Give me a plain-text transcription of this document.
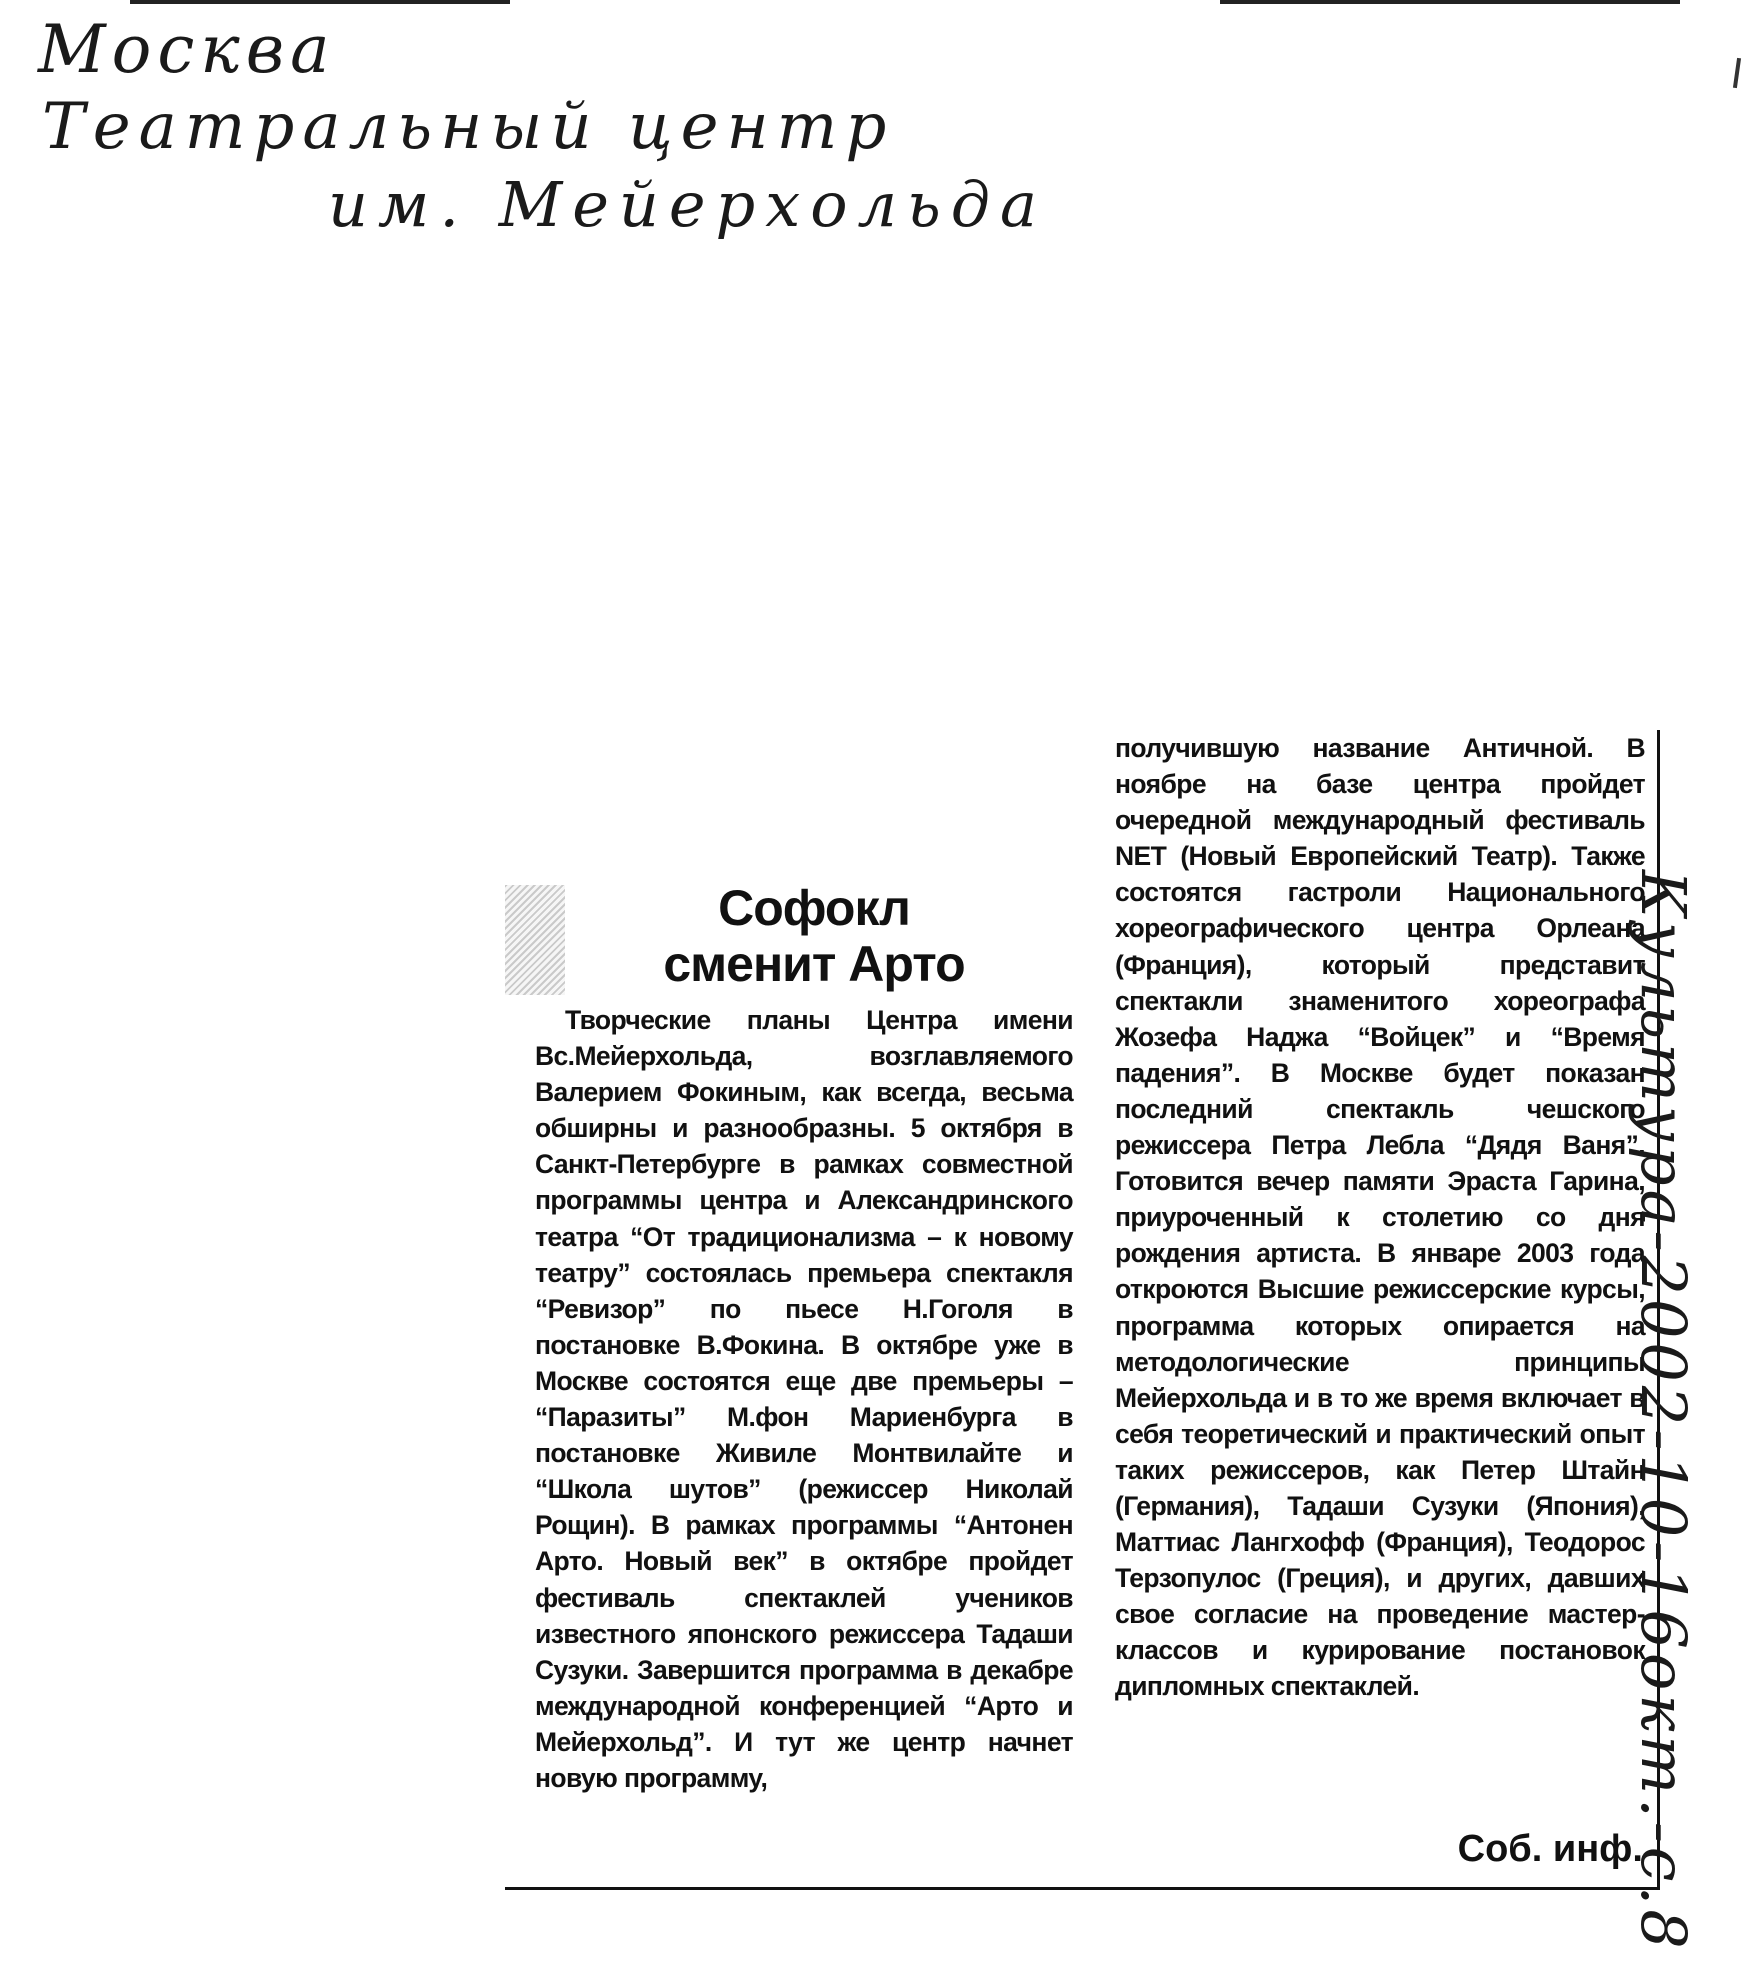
Москва
Театральный центр
им. Мейерхольда
Софокл
сменит Арто

Творческие планы Центра имени Вс.Мейерхольда, возглавляемого Валерием Фокиным, как всегда, весьма обширны и разнообразны. 5 октября в Санкт-Петербурге в рамках совместной программы центра и Александринского театра “От традиционализма – к новому театру” состоялась премьера спектакля “Ревизор” по пьесе Н.Гоголя в постановке В.Фокина. В октябре уже в Москве состоятся еще две премьеры – “Паразиты” М.фон Мариенбурга в постановке Живиле Монтвилайте и “Школа шутов” (режиссер Николай Рощин). В рамках программы “Антонен Арто. Новый век” в октябре пройдет фестиваль спектаклей учеников известного японского режиссера Тадаши Сузуки. Завершится программа в декабре международной конференцией “Арто и Мейерхольд”. И тут же центр начнет новую программу,

получившую название Античной. В ноябре на базе центра пройдет очередной международный фестиваль NET (Новый Европейский Театр). Также состоятся гастроли Национального хореографического центра Орлеана (Франция), который представит спектакли знаменитого хореографа Жозефа Наджа “Войцек” и “Время падения”. В Москве будет показан последний спектакль чешского режиссера Петра Лебла “Дядя Ваня”. Готовится вечер памяти Эраста Гарина, приуроченный к столетию со дня рождения артиста. В январе 2003 года откроются Высшие режиссерские курсы, программа которых опирается на методологические принципы Мейерхольда и в то же время включает в себя теоретический и практический опыт таких режиссеров, как Петер Штайн (Германия), Тадаши Сузуки (Япония), Маттиас Лангхофф (Франция), Теодорос Терзопулос (Греция), и других, давших свое согласие на проведение мастер-классов и курирование постановок дипломных спектаклей.

Соб. инф.
Культура-2002-10-16окт.-с.8
